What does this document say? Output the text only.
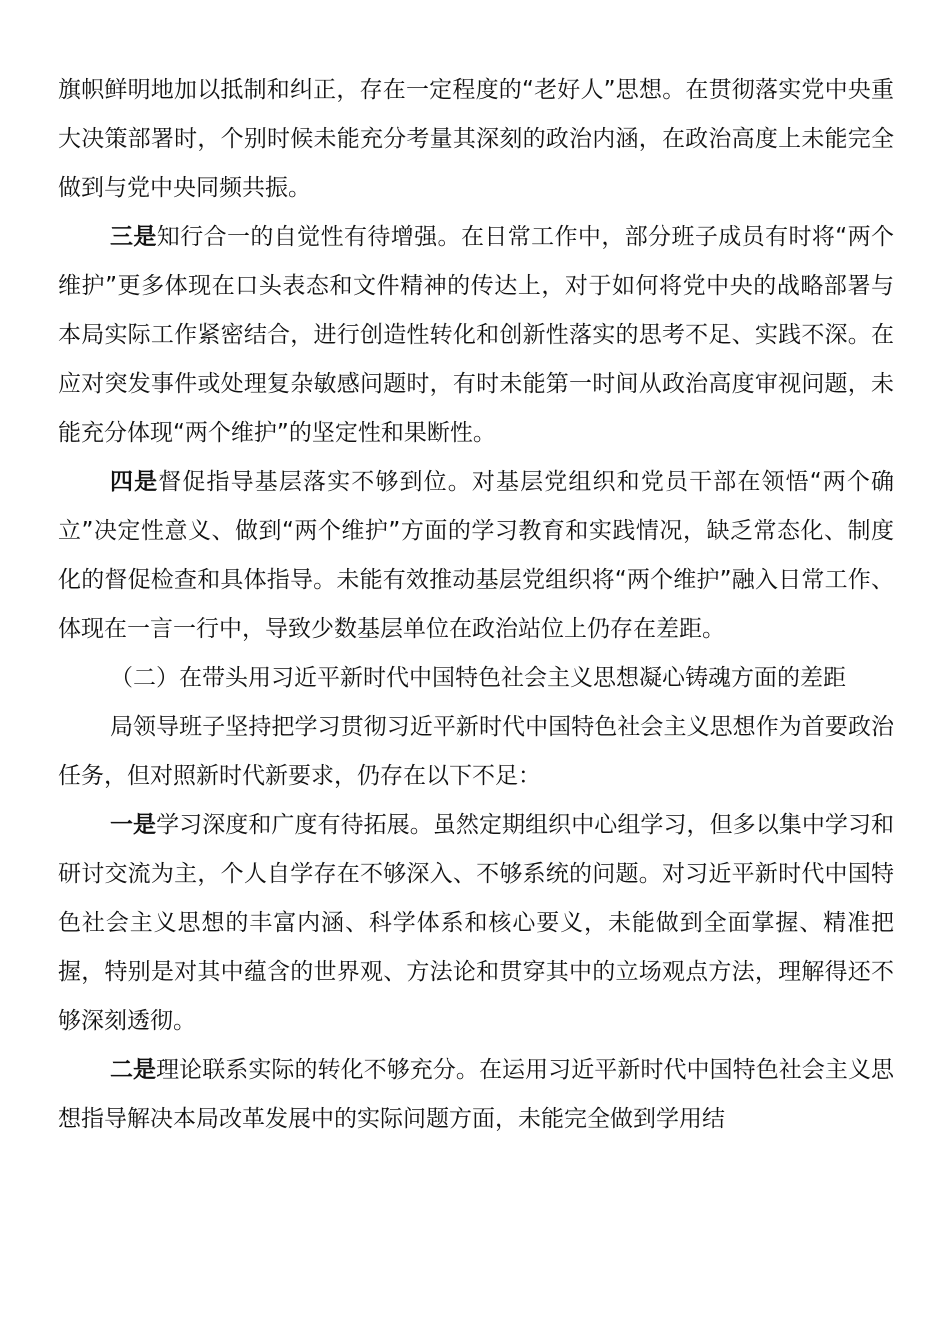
旗帜鲜明地加以抵制和纠正，存在一定程度的“老好人”思想。在贯彻落实党中央重大决策部署时，个别时候未能充分考量其深刻的政治内涵，在政治高度上未能完全做到与党中央同频共振。

三是知行合一的自觉性有待增强。在日常工作中，部分班子成员有时将“两个维护”更多体现在口头表态和文件精神的传达上，对于如何将党中央的战略部署与本局实际工作紧密结合，进行创造性转化和创新性落实的思考不足、实践不深。在应对突发事件或处理复杂敏感问题时，有时未能第一时间从政治高度审视问题，未能充分体现“两个维护”的坚定性和果断性。

四是督促指导基层落实不够到位。对基层党组织和党员干部在领悟“两个确立”决定性意义、做到“两个维护”方面的学习教育和实践情况，缺乏常态化、制度化的督促检查和具体指导。未能有效推动基层党组织将“两个维护”融入日常工作、体现在一言一行中，导致少数基层单位在政治站位上仍存在差距。

（二）在带头用习近平新时代中国特色社会主义思想凝心铸魂方面的差距

局领导班子坚持把学习贯彻习近平新时代中国特色社会主义思想作为首要政治任务，但对照新时代新要求，仍存在以下不足：

一是学习深度和广度有待拓展。虽然定期组织中心组学习，但多以集中学习和研讨交流为主，个人自学存在不够深入、不够系统的问题。对习近平新时代中国特色社会主义思想的丰富内涵、科学体系和核心要义，未能做到全面掌握、精准把握，特别是对其中蕴含的世界观、方法论和贯穿其中的立场观点方法，理解得还不够深刻透彻。

二是理论联系实际的转化不够充分。在运用习近平新时代中国特色社会主义思想指导解决本局改革发展中的实际问题方面，未能完全做到学用结
